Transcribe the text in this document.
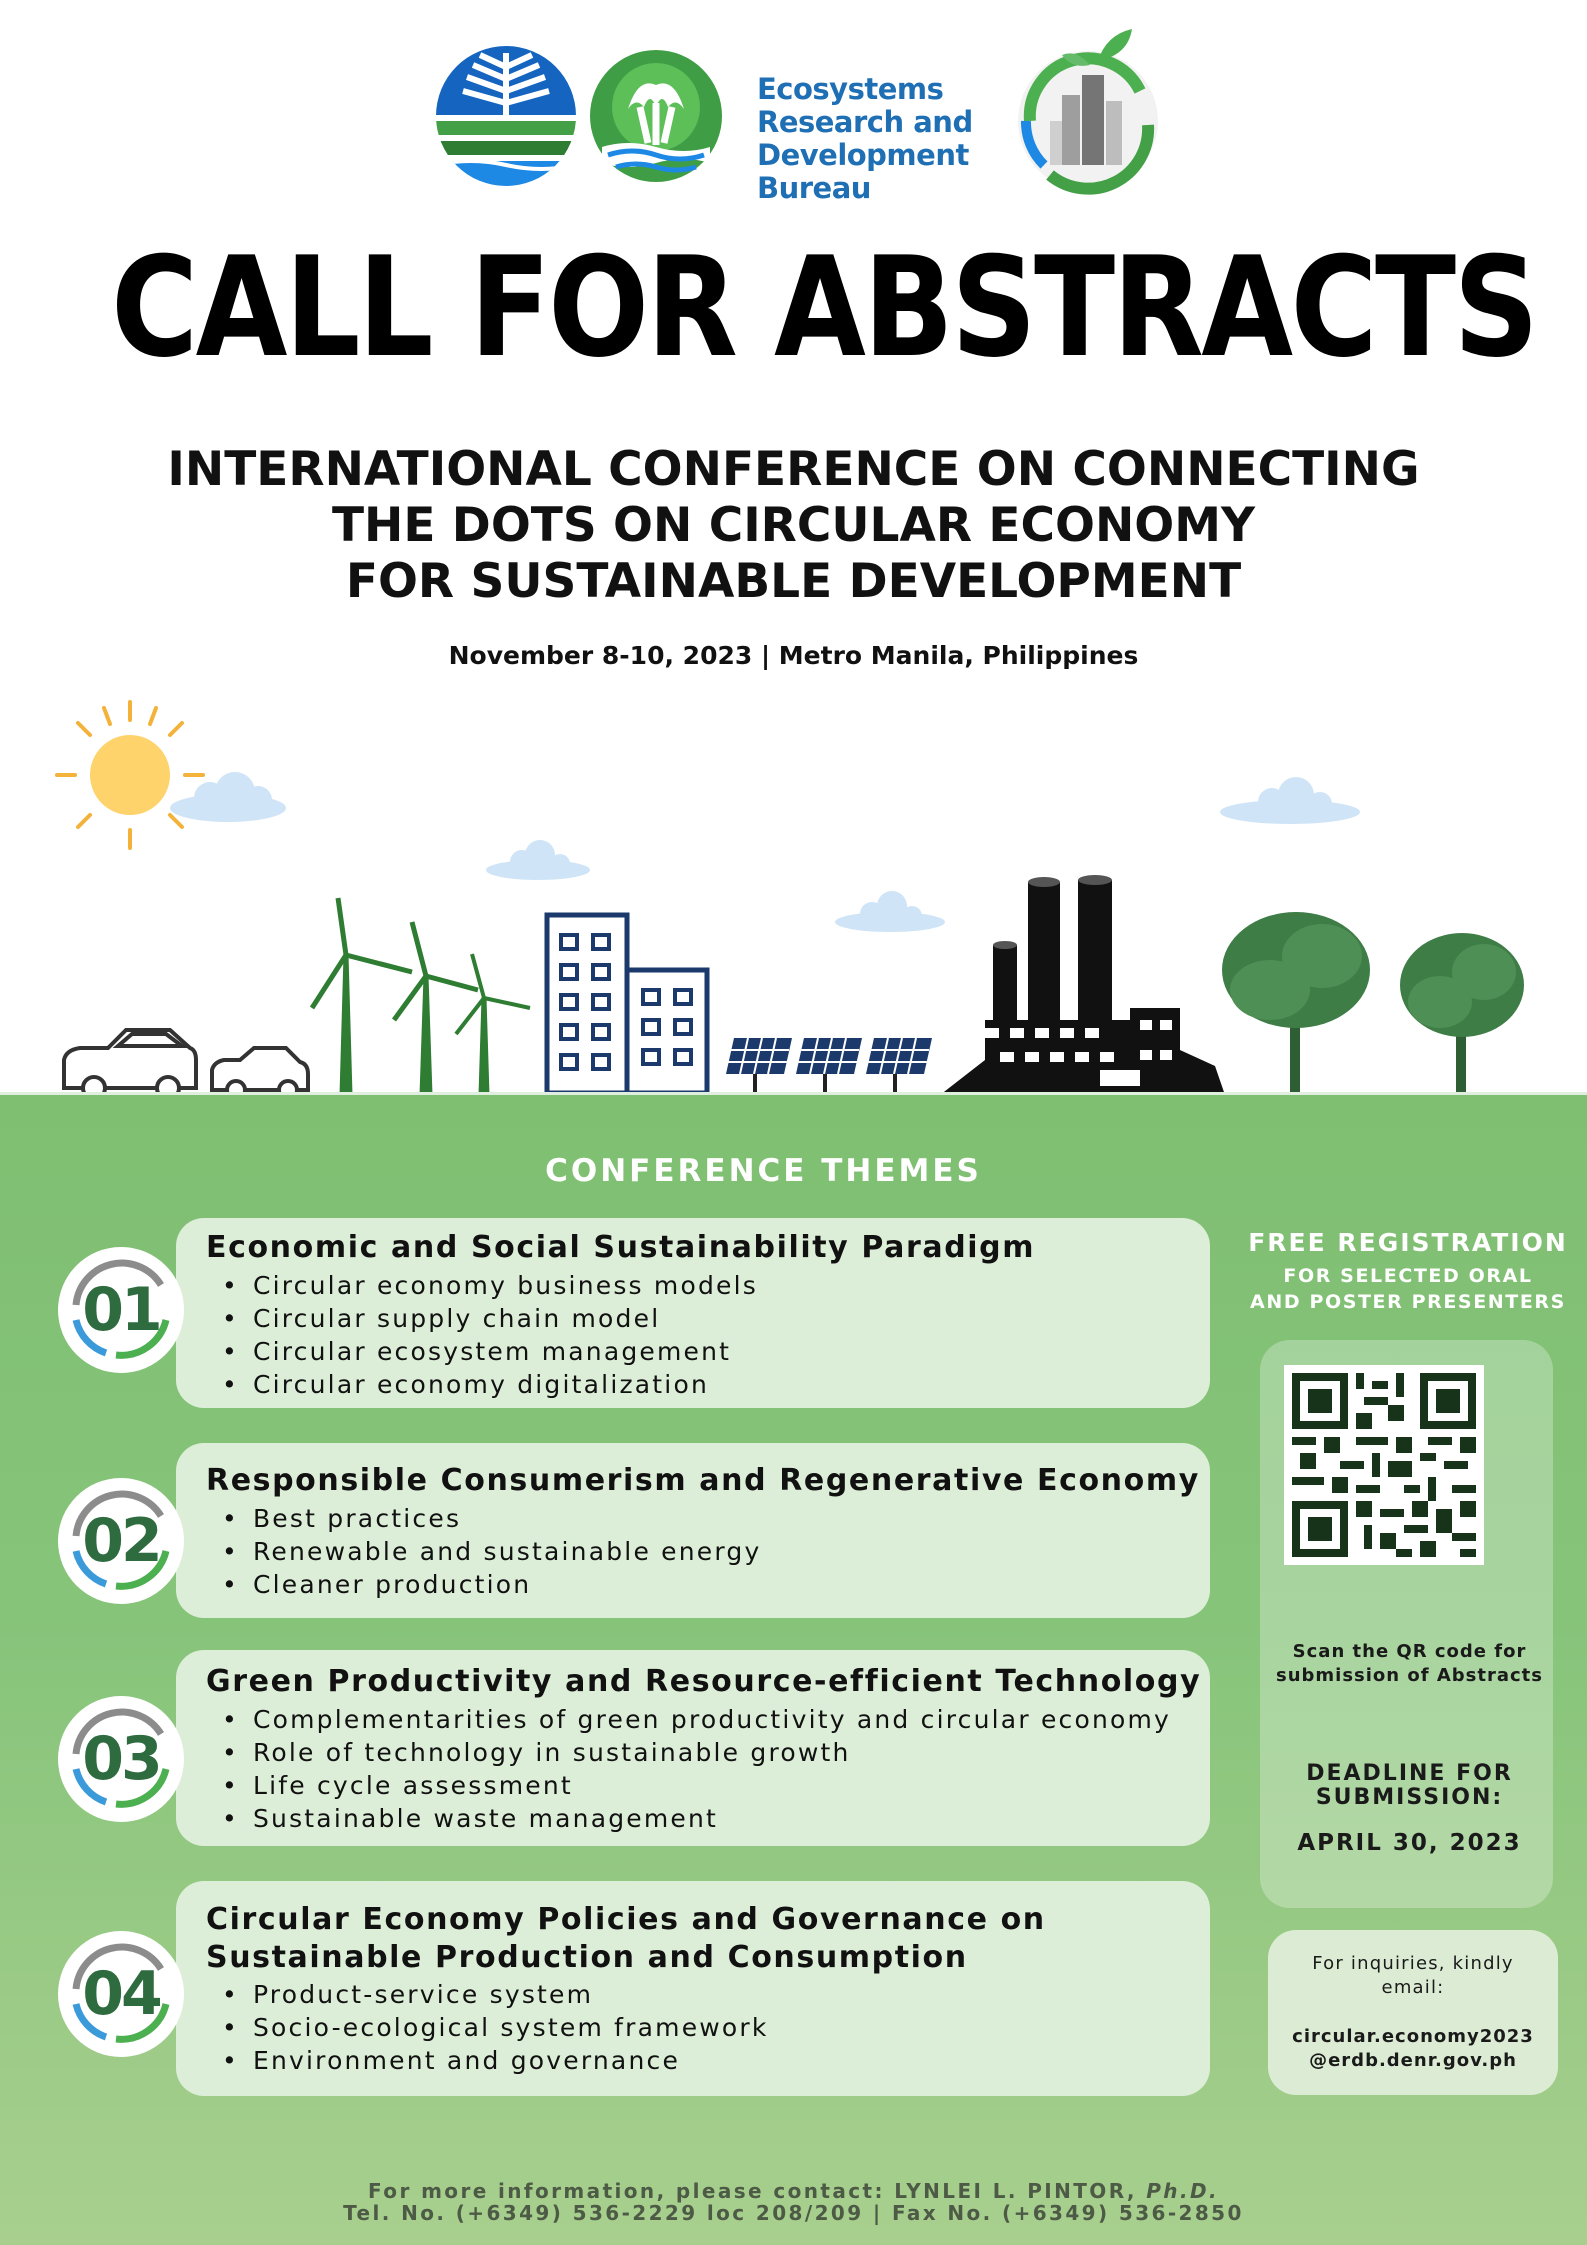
Ecosystems
Research and
Development
Bureau
CALL FOR ABSTRACTS
INTERNATIONAL CONFERENCE ON CONNECTING
THE DOTS ON CIRCULAR ECONOMY
FOR SUSTAINABLE DEVELOPMENT
November 8-10, 2023 | Metro Manila, Philippines
CONFERENCE THEMES
Economic and Social Sustainability Paradigm
• Circular economy business models
• Circular supply chain model
• Circular ecosystem management
• Circular economy digitalization
01
Responsible Consumerism and Regenerative Economy
• Best practices
• Renewable and sustainable energy
• Cleaner production
02
Green Productivity and Resource-efficient Technology
• Complementarities of green productivity and circular economy
• Role of technology in sustainable growth
• Life cycle assessment
• Sustainable waste management
03
Circular Economy Policies and Governance on
Sustainable Production and Consumption
• Product-service system
• Socio-ecological system framework
• Environment and governance
04
FREE REGISTRATION
FOR SELECTED ORAL
AND POSTER PRESENTERS
Scan the QR code for
submission of Abstracts
DEADLINE FOR
SUBMISSION:
APRIL 30, 2023
For inquiries, kindly
email:
circular.economy2023
@erdb.denr.gov.ph
For more information, please contact: LYNLEI L. PINTOR, Ph.D.
Tel. No. (+6349) 536-2229 loc 208/209 | Fax No. (+6349) 536-2850
